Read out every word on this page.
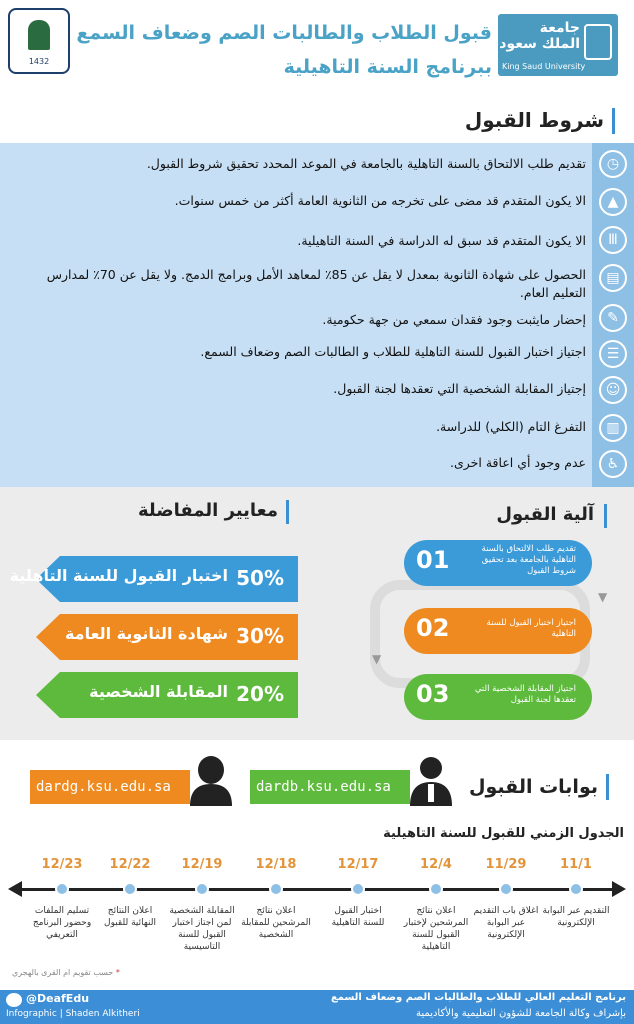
1432
قبول الطلاب والطالبات الصم وضعاف السمع
ببرنامج السنة التاهيلية
جامعة
الملك سعود
King Saud University
شروط القبول
تقديم طلب الالتحاق بالسنة التاهلية بالجامعة في الموعد المحدد تحقيق شروط القبول.
الا يكون المتقدم قد مضى على تخرجه من الثانوية العامة أكثر من خمس سنوات.
الا يكون المتقدم قد سبق له الدراسة في السنة التاهيلية.
الحصول على شهادة الثانوية بمعدل لا يقل عن 85٪ لمعاهد الأمل وبرامج الدمج. ولا يقل عن 70٪ لمدارس التعليم العام.
إحضار مايثبت وجود فقدان سمعي من جهة حكومية.
اجتياز اختبار القبول للسنة التاهلية للطلاب و الطالبات الصم وضعاف السمع.
إجتياز المقابلة الشخصية التي تعقدها لجنة القبول.
التفرغ التام (الكلي) للدراسة.
عدم وجود أي اعاقة اخرى.
◷
▲
Ⅲ
▤
✎
☰
☺
▥
♿
آلية القبول
▼
▼
01	تقديم طلب الالتحاق بالسنة التاهلية بالجامعة بعد تحقيق شروط القبول
02	اجتياز اختبار القبول للسنة التاهلية
03	اجتياز المقابلة الشخصية التي تعقدها لجنة القبول
معايير المفاضلة
اختبار القبول للسنة التاهلية 50%
شهادة الثانوية العامة 30%
المقابلة الشخصية 20%
بوابات القبول
dardb.ksu.edu.sa
dardg.ksu.edu.sa
الجدول الزمني للقبول للسنة التاهيلية
11/1
التقديم عبر البوابة الإلكترونية
11/29
اغلاق باب التقديم عبر البوابة الإلكترونية
12/4
اعلان نتائج المرشحين لإختبار القبول للسنة التاهيلية
12/17
اختبار القبول للسنة التاهيلية
12/18
اعلان نتائج المرشحين للمقابلة الشخصية
12/19
المقابلة الشخصية لمن اجتاز اختبار القبول للسنة التاسيسية
12/22
اعلان النتائج النهائية للقبول
12/23
تسليم الملفات وحضور البرنامج التعريفي
* حسب تقويم ام القرى بالهجري
@DeafEdu
Infographic | Shaden Alkitheri
برنامج التعليم العالي للطلاب والطالبات الصم وضعاف السمع
بإشراف وكالة الجامعة للشؤون التعليمية والأكاديمية
